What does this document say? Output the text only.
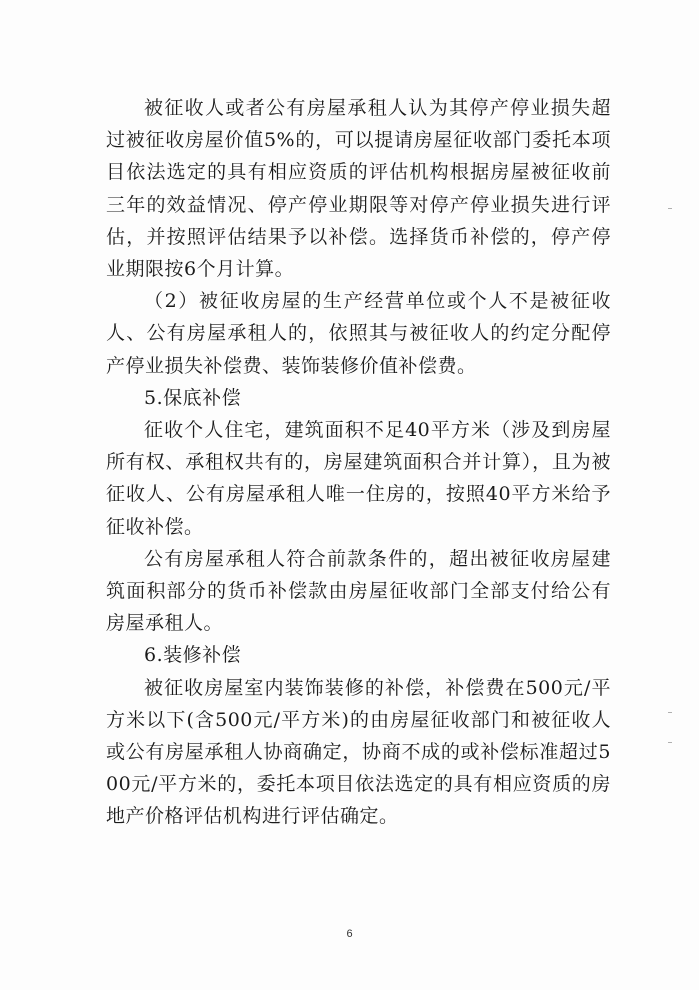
被征收人或者公有房屋承租人认为其停产停业损失超过被征收房屋价值5%的，可以提请房屋征收部门委托本项目依法选定的具有相应资质的评估机构根据房屋被征收前三年的效益情况、停产停业期限等对停产停业损失进行评估，并按照评估结果予以补偿。选择货币补偿的，停产停业期限按6个月计算。

（2）被征收房屋的生产经营单位或个人不是被征收人、公有房屋承租人的，依照其与被征收人的约定分配停产停业损失补偿费、装饰装修价值补偿费。

5.保底补偿

征收个人住宅，建筑面积不足40平方米（涉及到房屋所有权、承租权共有的，房屋建筑面积合并计算），且为被征收人、公有房屋承租人唯一住房的，按照40平方米给予征收补偿。

公有房屋承租人符合前款条件的，超出被征收房屋建筑面积部分的货币补偿款由房屋征收部门全部支付给公有房屋承租人。

6.装修补偿

被征收房屋室内装饰装修的补偿，补偿费在500元/平方米以下(含500元/平方米)的由房屋征收部门和被征收人或公有房屋承租人协商确定，协商不成的或补偿标准超过500元/平方米的，委托本项目依法选定的具有相应资质的房地产价格评估机构进行评估确定。

6
